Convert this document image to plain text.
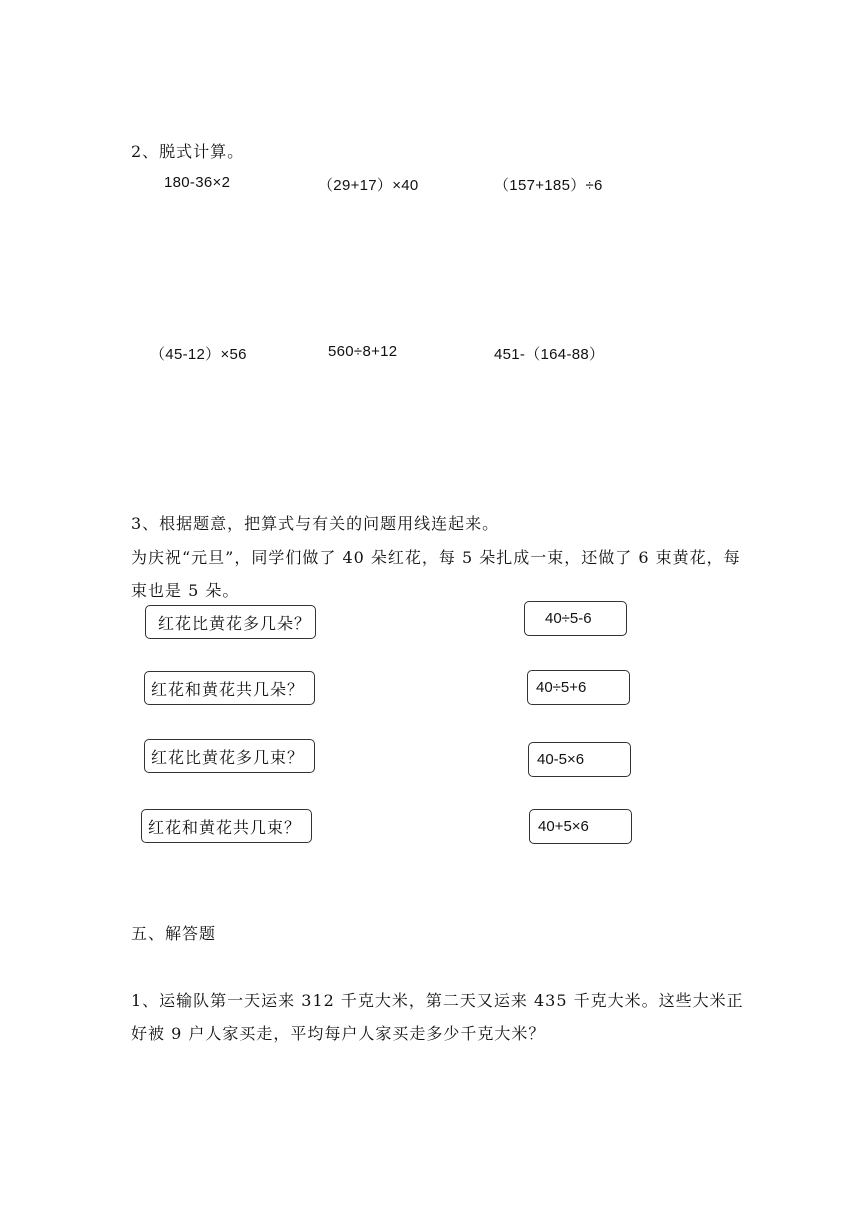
2、脱式计算。
180-36×2	（29+17）×40	（157+185）÷6
（45-12）×56	560÷8+12	451-（164-88）
3、根据题意，把算式与有关的问题用线连起来。
为庆祝“元旦”，同学们做了 40 朵红花，每 5 朵扎成一束，还做了 6 束黄花，每
束也是 5 朵。
红花比黄花多几朵？
红花和黄花共几朵？
红花比黄花多几束？
红花和黄花共几束？
40÷5-6
40÷5+6
40-5×6
40+5×6
五、解答题
1、运输队第一天运来 312 千克大米，第二天又运来 435 千克大米。这些大米正
好被 9 户人家买走，平均每户人家买走多少千克大米？
